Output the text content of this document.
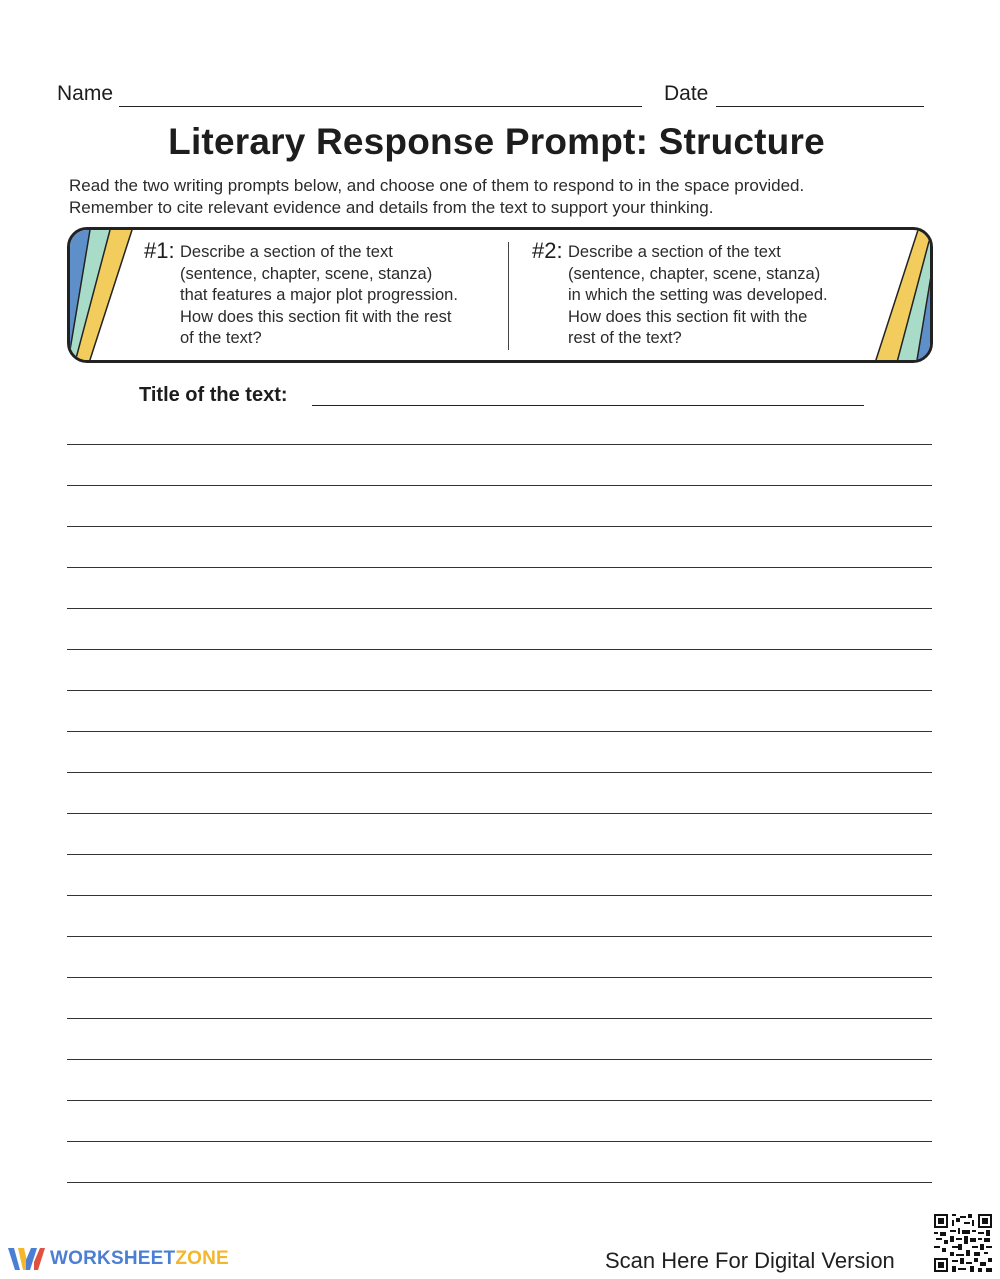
Name	Date
Literary Response Prompt: Structure

Read the two writing prompts below, and choose one of them to respond to in the space provided.

Remember to cite relevant evidence and details from the text to support your thinking.

#1: Describe a section of the text
(sentence, chapter, scene, stanza)
that features a major plot progression.
How does this section fit with the rest
of the text?
#2: Describe a section of the text
(sentence, chapter, scene, stanza)
in which the setting was developed.
How does this section fit with the
rest of the text?
Title of the text:
WORKSHEETZONE	Scan Here For Digital Version
